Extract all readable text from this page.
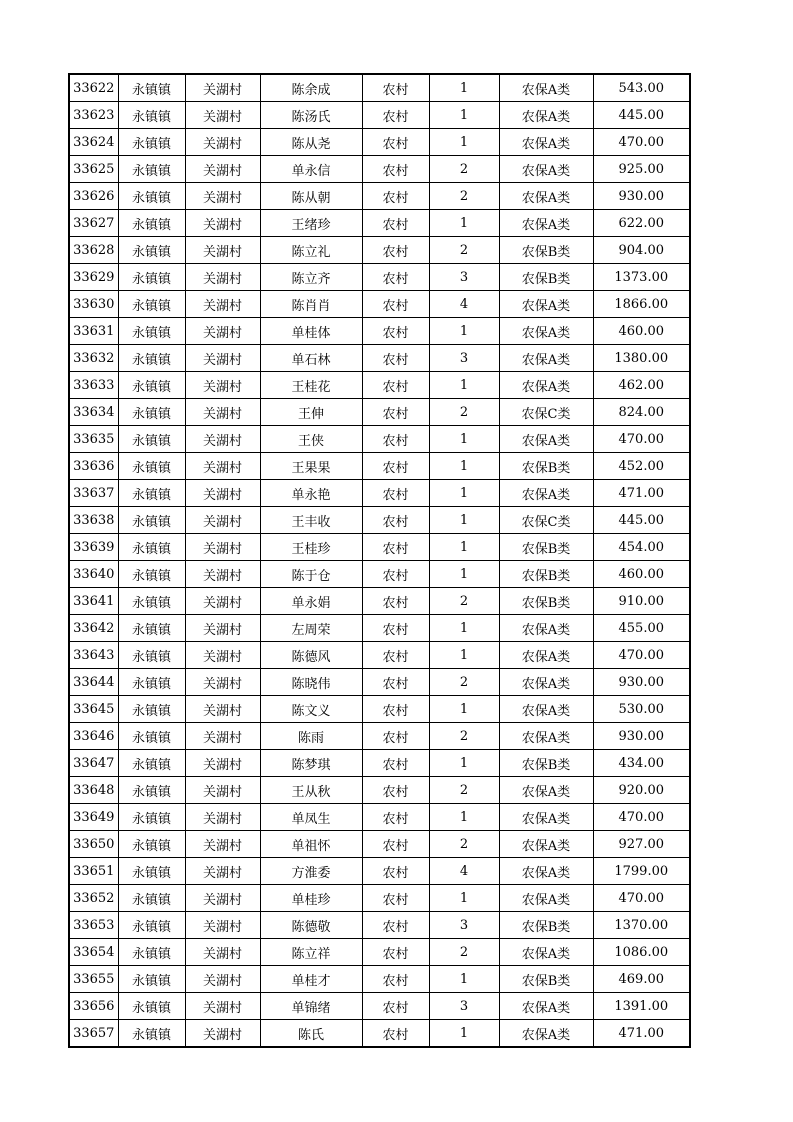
33622	永镇镇	关湖村	陈余成	农村	1	农保A类	543.00
33623	永镇镇	关湖村	陈汤氏	农村	1	农保A类	445.00
33624	永镇镇	关湖村	陈从尧	农村	1	农保A类	470.00
33625	永镇镇	关湖村	单永信	农村	2	农保A类	925.00
33626	永镇镇	关湖村	陈从朝	农村	2	农保A类	930.00
33627	永镇镇	关湖村	王绪珍	农村	1	农保A类	622.00
33628	永镇镇	关湖村	陈立礼	农村	2	农保B类	904.00
33629	永镇镇	关湖村	陈立齐	农村	3	农保B类	1373.00
33630	永镇镇	关湖村	陈肖肖	农村	4	农保A类	1866.00
33631	永镇镇	关湖村	单桂体	农村	1	农保A类	460.00
33632	永镇镇	关湖村	单石林	农村	3	农保A类	1380.00
33633	永镇镇	关湖村	王桂花	农村	1	农保A类	462.00
33634	永镇镇	关湖村	王伸	农村	2	农保C类	824.00
33635	永镇镇	关湖村	王侠	农村	1	农保A类	470.00
33636	永镇镇	关湖村	王果果	农村	1	农保B类	452.00
33637	永镇镇	关湖村	单永艳	农村	1	农保A类	471.00
33638	永镇镇	关湖村	王丰收	农村	1	农保C类	445.00
33639	永镇镇	关湖村	王桂珍	农村	1	农保B类	454.00
33640	永镇镇	关湖村	陈于仓	农村	1	农保B类	460.00
33641	永镇镇	关湖村	单永娟	农村	2	农保B类	910.00
33642	永镇镇	关湖村	左周荣	农村	1	农保A类	455.00
33643	永镇镇	关湖村	陈德风	农村	1	农保A类	470.00
33644	永镇镇	关湖村	陈晓伟	农村	2	农保A类	930.00
33645	永镇镇	关湖村	陈文义	农村	1	农保A类	530.00
33646	永镇镇	关湖村	陈雨	农村	2	农保A类	930.00
33647	永镇镇	关湖村	陈梦琪	农村	1	农保B类	434.00
33648	永镇镇	关湖村	王从秋	农村	2	农保A类	920.00
33649	永镇镇	关湖村	单凤生	农村	1	农保A类	470.00
33650	永镇镇	关湖村	单祖怀	农村	2	农保A类	927.00
33651	永镇镇	关湖村	方淮委	农村	4	农保A类	1799.00
33652	永镇镇	关湖村	单桂珍	农村	1	农保A类	470.00
33653	永镇镇	关湖村	陈德敬	农村	3	农保B类	1370.00
33654	永镇镇	关湖村	陈立祥	农村	2	农保A类	1086.00
33655	永镇镇	关湖村	单桂才	农村	1	农保B类	469.00
33656	永镇镇	关湖村	单锦绪	农村	3	农保A类	1391.00
33657	永镇镇	关湖村	陈氏	农村	1	农保A类	471.00
